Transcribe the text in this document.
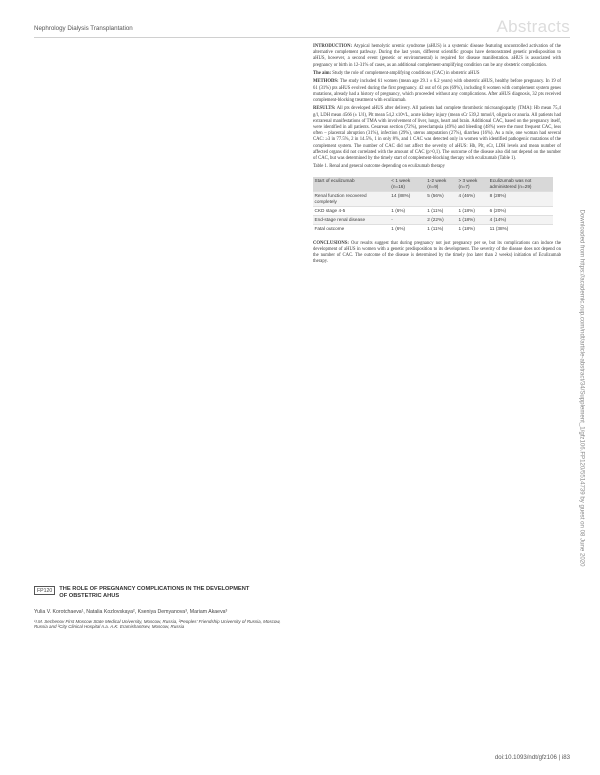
Nephrology Dialysis Transplantation	Abstracts

INTRODUCTION: Atypical hemolytic uremic syndrome (aHUS) is a systemic disease featuring uncontrolled activation of the alternative complement pathway. During the last years, different scientific groups have demonstrated genetic predisposition to aHUS, however, a second event (genetic or environmental) is required for disease manifestation. aHUS is associated with pregnancy or birth in 12-31% of cases, as an additional complement-amplifying condition can be any obstetric complication.

The aim: Study the role of complement-amplifying conditions (CAC) in obstetric aHUS

METHODS: The study included 61 women (mean age 29.1 ± 6.2 years) with obstetric aHUS, healthy before pregnancy. In 19 of 61 (31%) pts aHUS evolved during the first pregnancy. 42 out of 61 pts (69%), including 8 women with complement system genes mutations, already had a history of pregnancy, which proceeded without any complications. After aHUS diagnosis, 32 pts received complement-blocking treatment with eculizumab.

RESULTS: All pts developed aHUS after delivery. All patients had complete thrombotic microangiopathy (TMA): Hb mean 75,4 g/l, LDH mean 4566 (± U/l), Plt mean 54,2 x10⁹/L, acute kidney injury (mean sCr 539,2 mmol/l, oliguria or anuria. All patients had extrarenal manifestations of TMA with involvement of liver, lungs, heart and brain. Additional CAC, based on the pregnancy itself, were identified in all patients. Cesarean section (72%), preeclampsia (49%) and bleeding (48%) were the most frequent CAC, less often – placental abruption (31%), infection (29%), uterus amputation (27%), diarrhea (16%). As a rule, one woman had several CAC: ≥3 in 77.5%, 2 in 14.5%, 1 in only 8%, and 1 CAC was detected only in women with identified pathogenic mutations of the complement system. The number of CAC did not affect the severity of aHUS: Hb, Plt, sCr, LDH levels and mean number of affected organs did not correlated with the amount of CAC (p>0,1). The outcome of the disease also did not depend on the number of CAC, but was determined by the timely start of complement-blocking therapy with eculizumab (Table 1).

Table 1. Renal and general outcome depending on eculizumab therapy

Start of eculizumab	< 1 week (n=16)	1-2 week (n=9)	> 3 week (n=7)	Eculizumab was not administered (n=29)
Renal function recovered completely	14 (88%)	5 (56%)	4 (46%)	8 (28%)
CKD stage 4-5	1 (6%)	1 (11%)	1 (18%)	6 (20%)
End-stage renal disease	-	2 (22%)	1 (18%)	4 (14%)
Fatal outcome	1 (6%)	1 (11%)	1 (18%)	11 (38%)

CONCLUSIONS: Our results suggest that during pregnancy not just pregnancy per se, but its complications can induce the development of aHUS in women with a genetic predisposition to its development. The severity of the disease does not depend on the number of CAC. The outcome of the disease is determined by the timely (no later than 2 weeks) initiation of Eculizumab therapy.	Downloaded from https://academic.oup.com/ndt/article-abstract/34/Supplement_1/gfz106.FP120/5514739 by guest on 08 June 2020
FP120 THE ROLE OF PREGNANCY COMPLICATIONS IN THE DEVELOPMENT OF OBSTETRIC AHUS
Yulia V. Korotchaeva¹, Natalia Kozlovskaya², Kseniya Demyanova³, Mariam Akaeva³
¹I.M. Sechenov First Moscow State Medical University, Moscow, Russia, ²Peoples' Friendship University of Russia, Moscow, Russia and ³City Clinical Hospital n.a. A.K. Eramishantsev, Moscow, Russia
doi:10.1093/ndt/gfz106 | i83
